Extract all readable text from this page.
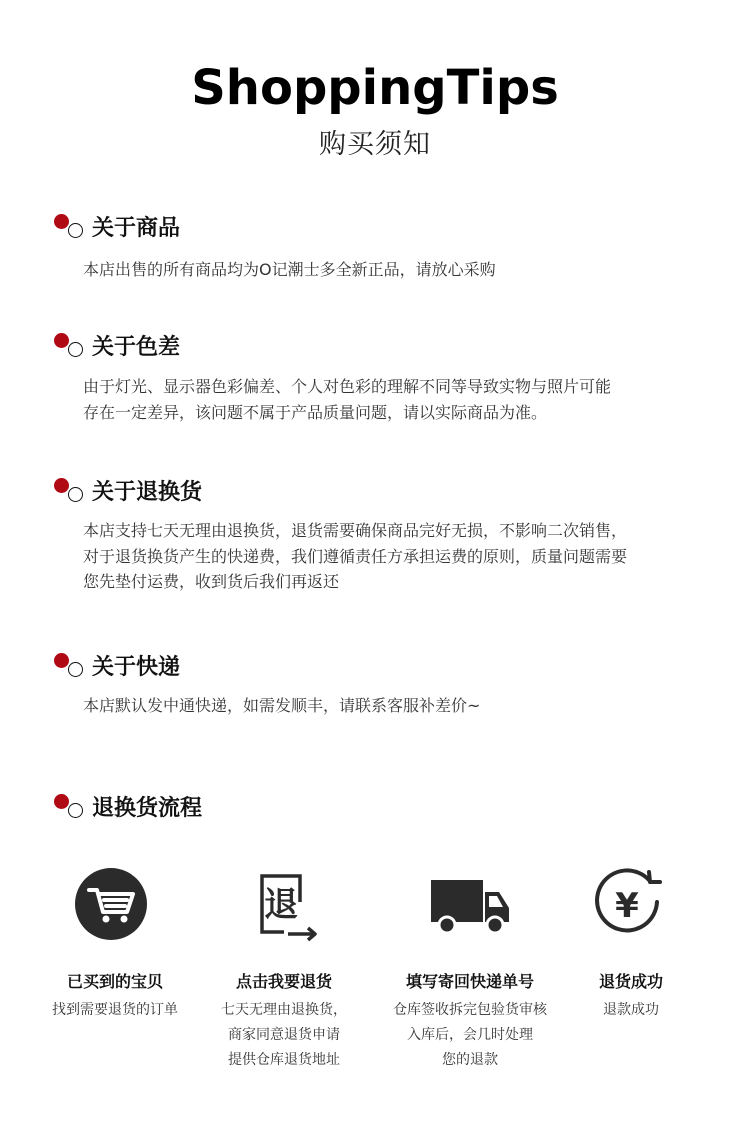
ShoppingTips
购买须知
关于商品
本店出售的所有商品均为O记潮士多全新正品，请放心采购
关于色差
由于灯光、显示器色彩偏差、个人对色彩的理解不同等导致实物与照片可能
存在一定差异，该问题不属于产品质量问题，请以实际商品为准。
关于退换货
本店支持七天无理由退换货，退货需要确保商品完好无损，不影响二次销售，
对于退货换货产生的快递费，我们遵循责任方承担运费的原则，质量问题需要
您先垫付运费，收到货后我们再返还
关于快递
本店默认发中通快递，如需发顺丰，请联系客服补差价~
退换货流程
已买到的宝贝
找到需要退货的订单
退
点击我要退货
七天无理由退换货，
商家同意退货申请
提供仓库退货地址
填写寄回快递单号
仓库签收拆完包验货审核
入库后，会几时处理
您的退款
¥
退货成功
退款成功
